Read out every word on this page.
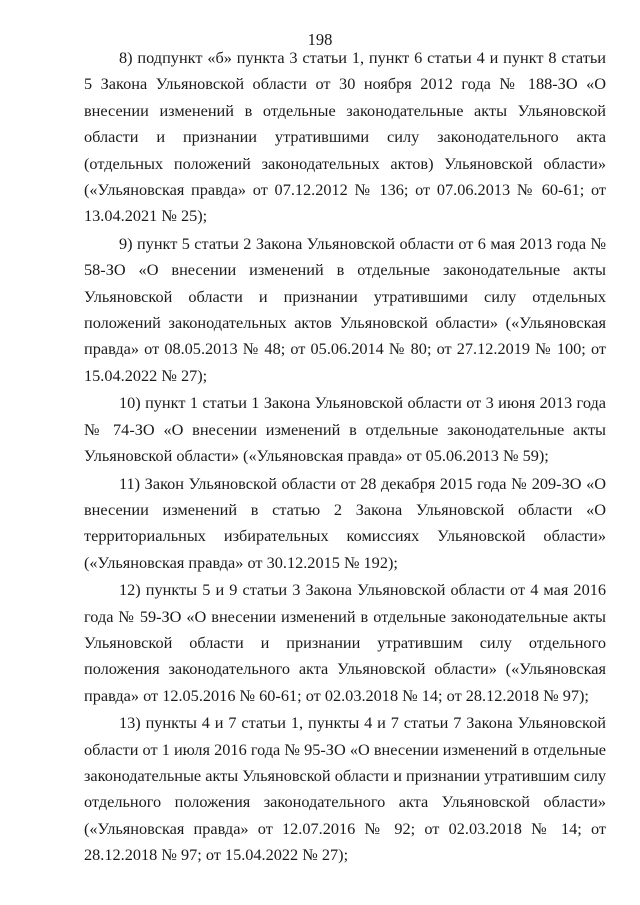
198

8) подпункт «б» пункта 3 статьи 1, пункт 6 статьи 4 и пункт 8 статьи 5 Закона Ульяновской области от 30 ноября 2012 года № 188-ЗО «О внесении изменений в отдельные законодательные акты Ульяновской области и признании утратившими силу законодательного акта (отдельных положений законодательных актов) Ульяновской области» («Ульяновская правда» от 07.12.2012 № 136; от 07.06.2013 № 60-61; от 13.04.2021 № 25);

9) пункт 5 статьи 2 Закона Ульяновской области от 6 мая 2013 года № 58-ЗО «О внесении изменений в отдельные законодательные акты Ульяновской области и признании утратившими силу отдельных положений законодательных актов Ульяновской области» («Ульяновская правда» от 08.05.2013 № 48; от 05.06.2014 № 80; от 27.12.2019 № 100; от 15.04.2022 № 27);

10) пункт 1 статьи 1 Закона Ульяновской области от 3 июня 2013 года № 74-ЗО «О внесении изменений в отдельные законодательные акты Ульяновской области» («Ульяновская правда» от 05.06.2013 № 59);

11) Закон Ульяновской области от 28 декабря 2015 года № 209-ЗО «О внесении изменений в статью 2 Закона Ульяновской области «О территориальных избирательных комиссиях Ульяновской области» («Ульяновская правда» от 30.12.2015 № 192);

12) пункты 5 и 9 статьи 3 Закона Ульяновской области от 4 мая 2016 года № 59-ЗО «О внесении изменений в отдельные законодательные акты Ульяновской области и признании утратившим силу отдельного положения законодательного акта Ульяновской области» («Ульяновская правда» от 12.05.2016 № 60-61; от 02.03.2018 № 14; от 28.12.2018 № 97);

13) пункты 4 и 7 статьи 1, пункты 4 и 7 статьи 7 Закона Ульяновской области от 1 июля 2016 года № 95-ЗО «О внесении изменений в отдельные законодательные акты Ульяновской области и признании утратившим силу отдельного положения законодательного акта Ульяновской области» («Ульяновская правда» от 12.07.2016 № 92; от 02.03.2018 № 14; от 28.12.2018 № 97; от 15.04.2022 № 27);
